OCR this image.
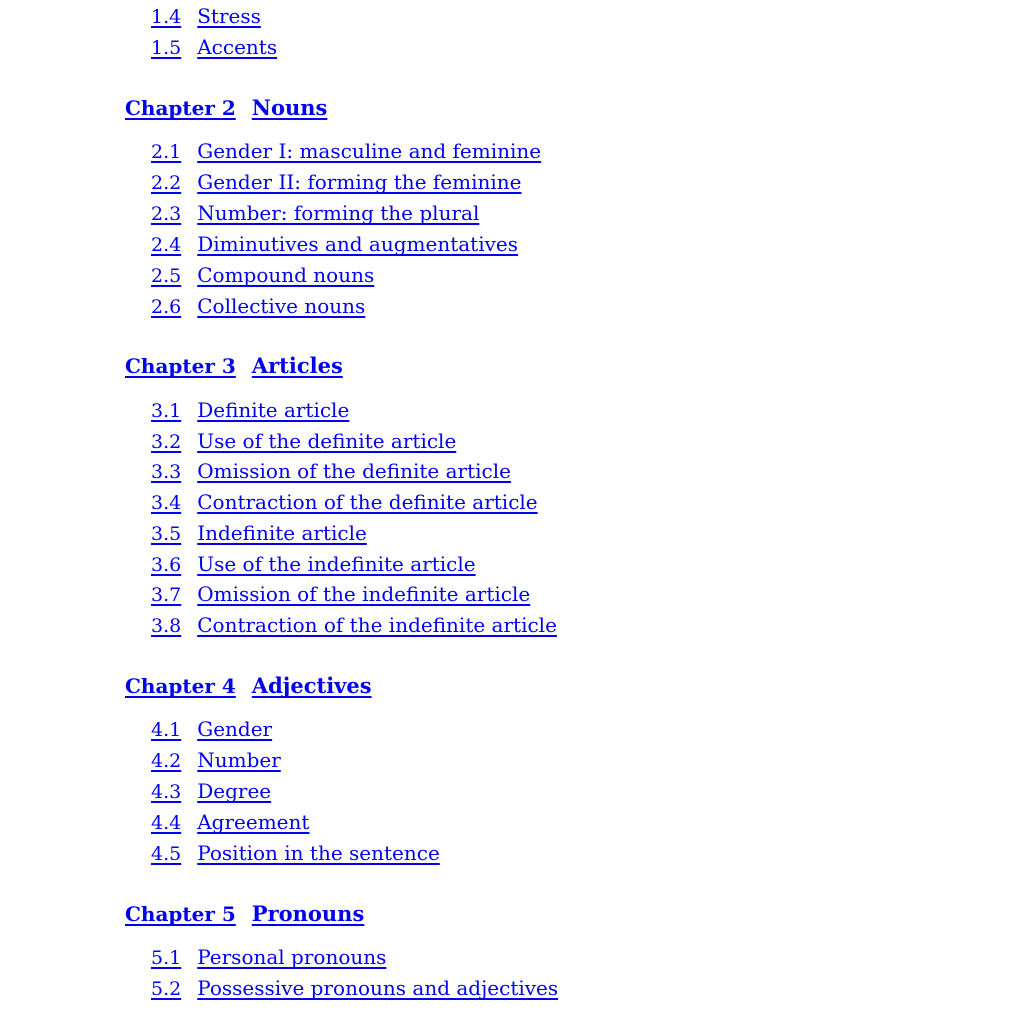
1.4 Stress
1.5 Accents
Chapter 2 Nouns
2.1 Gender I: masculine and feminine
2.2 Gender II: forming the feminine
2.3 Number: forming the plural
2.4 Diminutives and augmentatives
2.5 Compound nouns
2.6 Collective nouns
Chapter 3 Articles
3.1 Definite article
3.2 Use of the definite article
3.3 Omission of the definite article
3.4 Contraction of the definite article
3.5 Indefinite article
3.6 Use of the indefinite article
3.7 Omission of the indefinite article
3.8 Contraction of the indefinite article
Chapter 4 Adjectives
4.1 Gender
4.2 Number
4.3 Degree
4.4 Agreement
4.5 Position in the sentence
Chapter 5 Pronouns
5.1 Personal pronouns
5.2 Possessive pronouns and adjectives
